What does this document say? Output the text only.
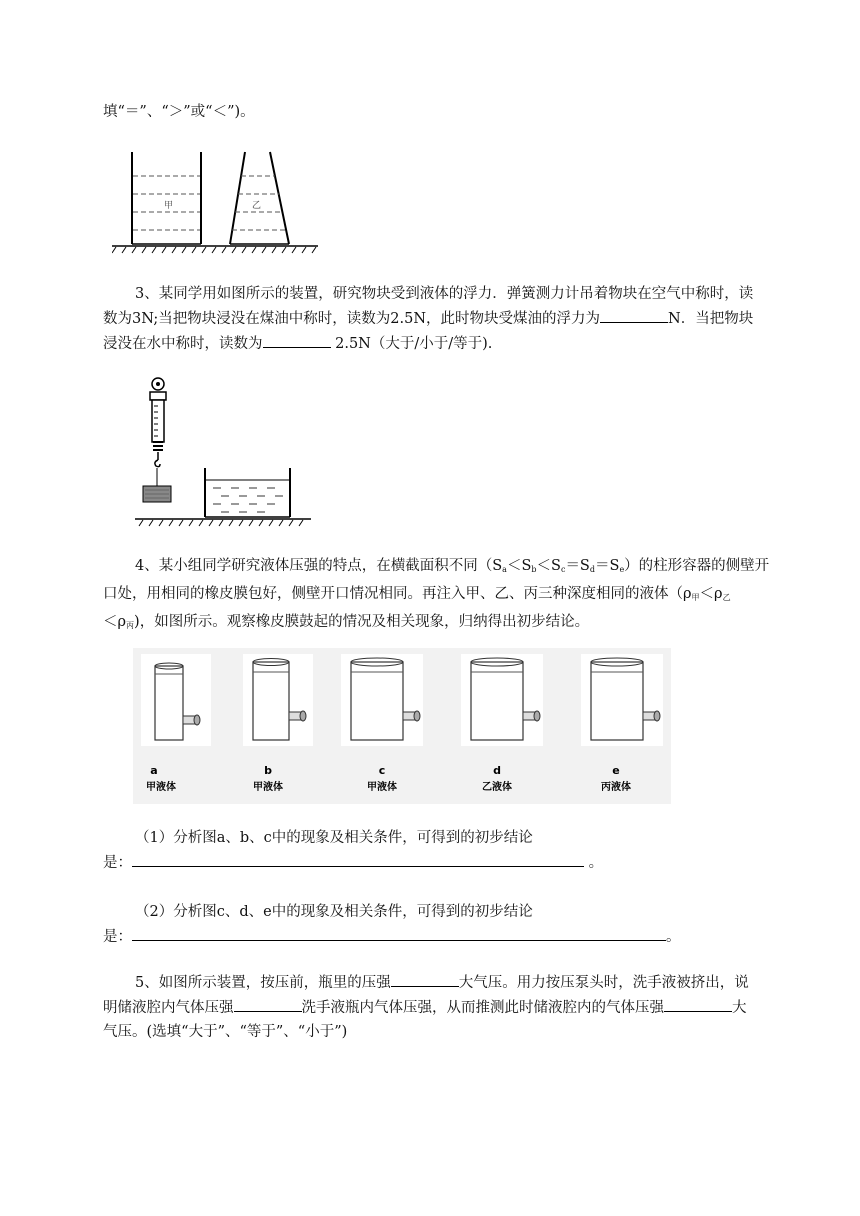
填“＝”、“＞”或“＜”)。
甲	乙
3、某同学用如图所示的装置，研究物块受到液体的浮力．弹簧测力计吊着物块在空气中称时，读
数为3N;当把物块浸没在煤油中称时，读数为2.5N，此时物块受煤油的浮力为	N．当把物块
浸没在水中称时，读数为	2.5N（大于/小于/等于).
4、某小组同学研究液体压强的特点，在横截面积不同$(S_a<S_b<S_c=S_d=S_e)$的柱形容器的侧壁开
口处，用相同的橡皮膜包好，侧壁开口情况相同。再注入甲、乙、丙三种深度相同的液体（$\rho_甲<\rho_乙$
$<\rho_丙$)，如图所示。观察橡皮膜鼓起的情况及相关现象，归纳得出初步结论。
a
甲液体
b
甲液体
c
甲液体
d
乙液体
e
丙液体
（1）分析图a、b、c中的现象及相关条件，可得到的初步结论
是：	。
（2）分析图c、d、e中的现象及相关条件，可得到的初步结论
是：	。
5、如图所示装置，按压前，瓶里的压强	大气压。用力按压泵头时，洗手液被挤出，说
明储液腔内气体压强	洗手液瓶内气体压强，从而推测此时储液腔内的气体压强	大
气压。(选填“大于”、“等于”、“小于”)
